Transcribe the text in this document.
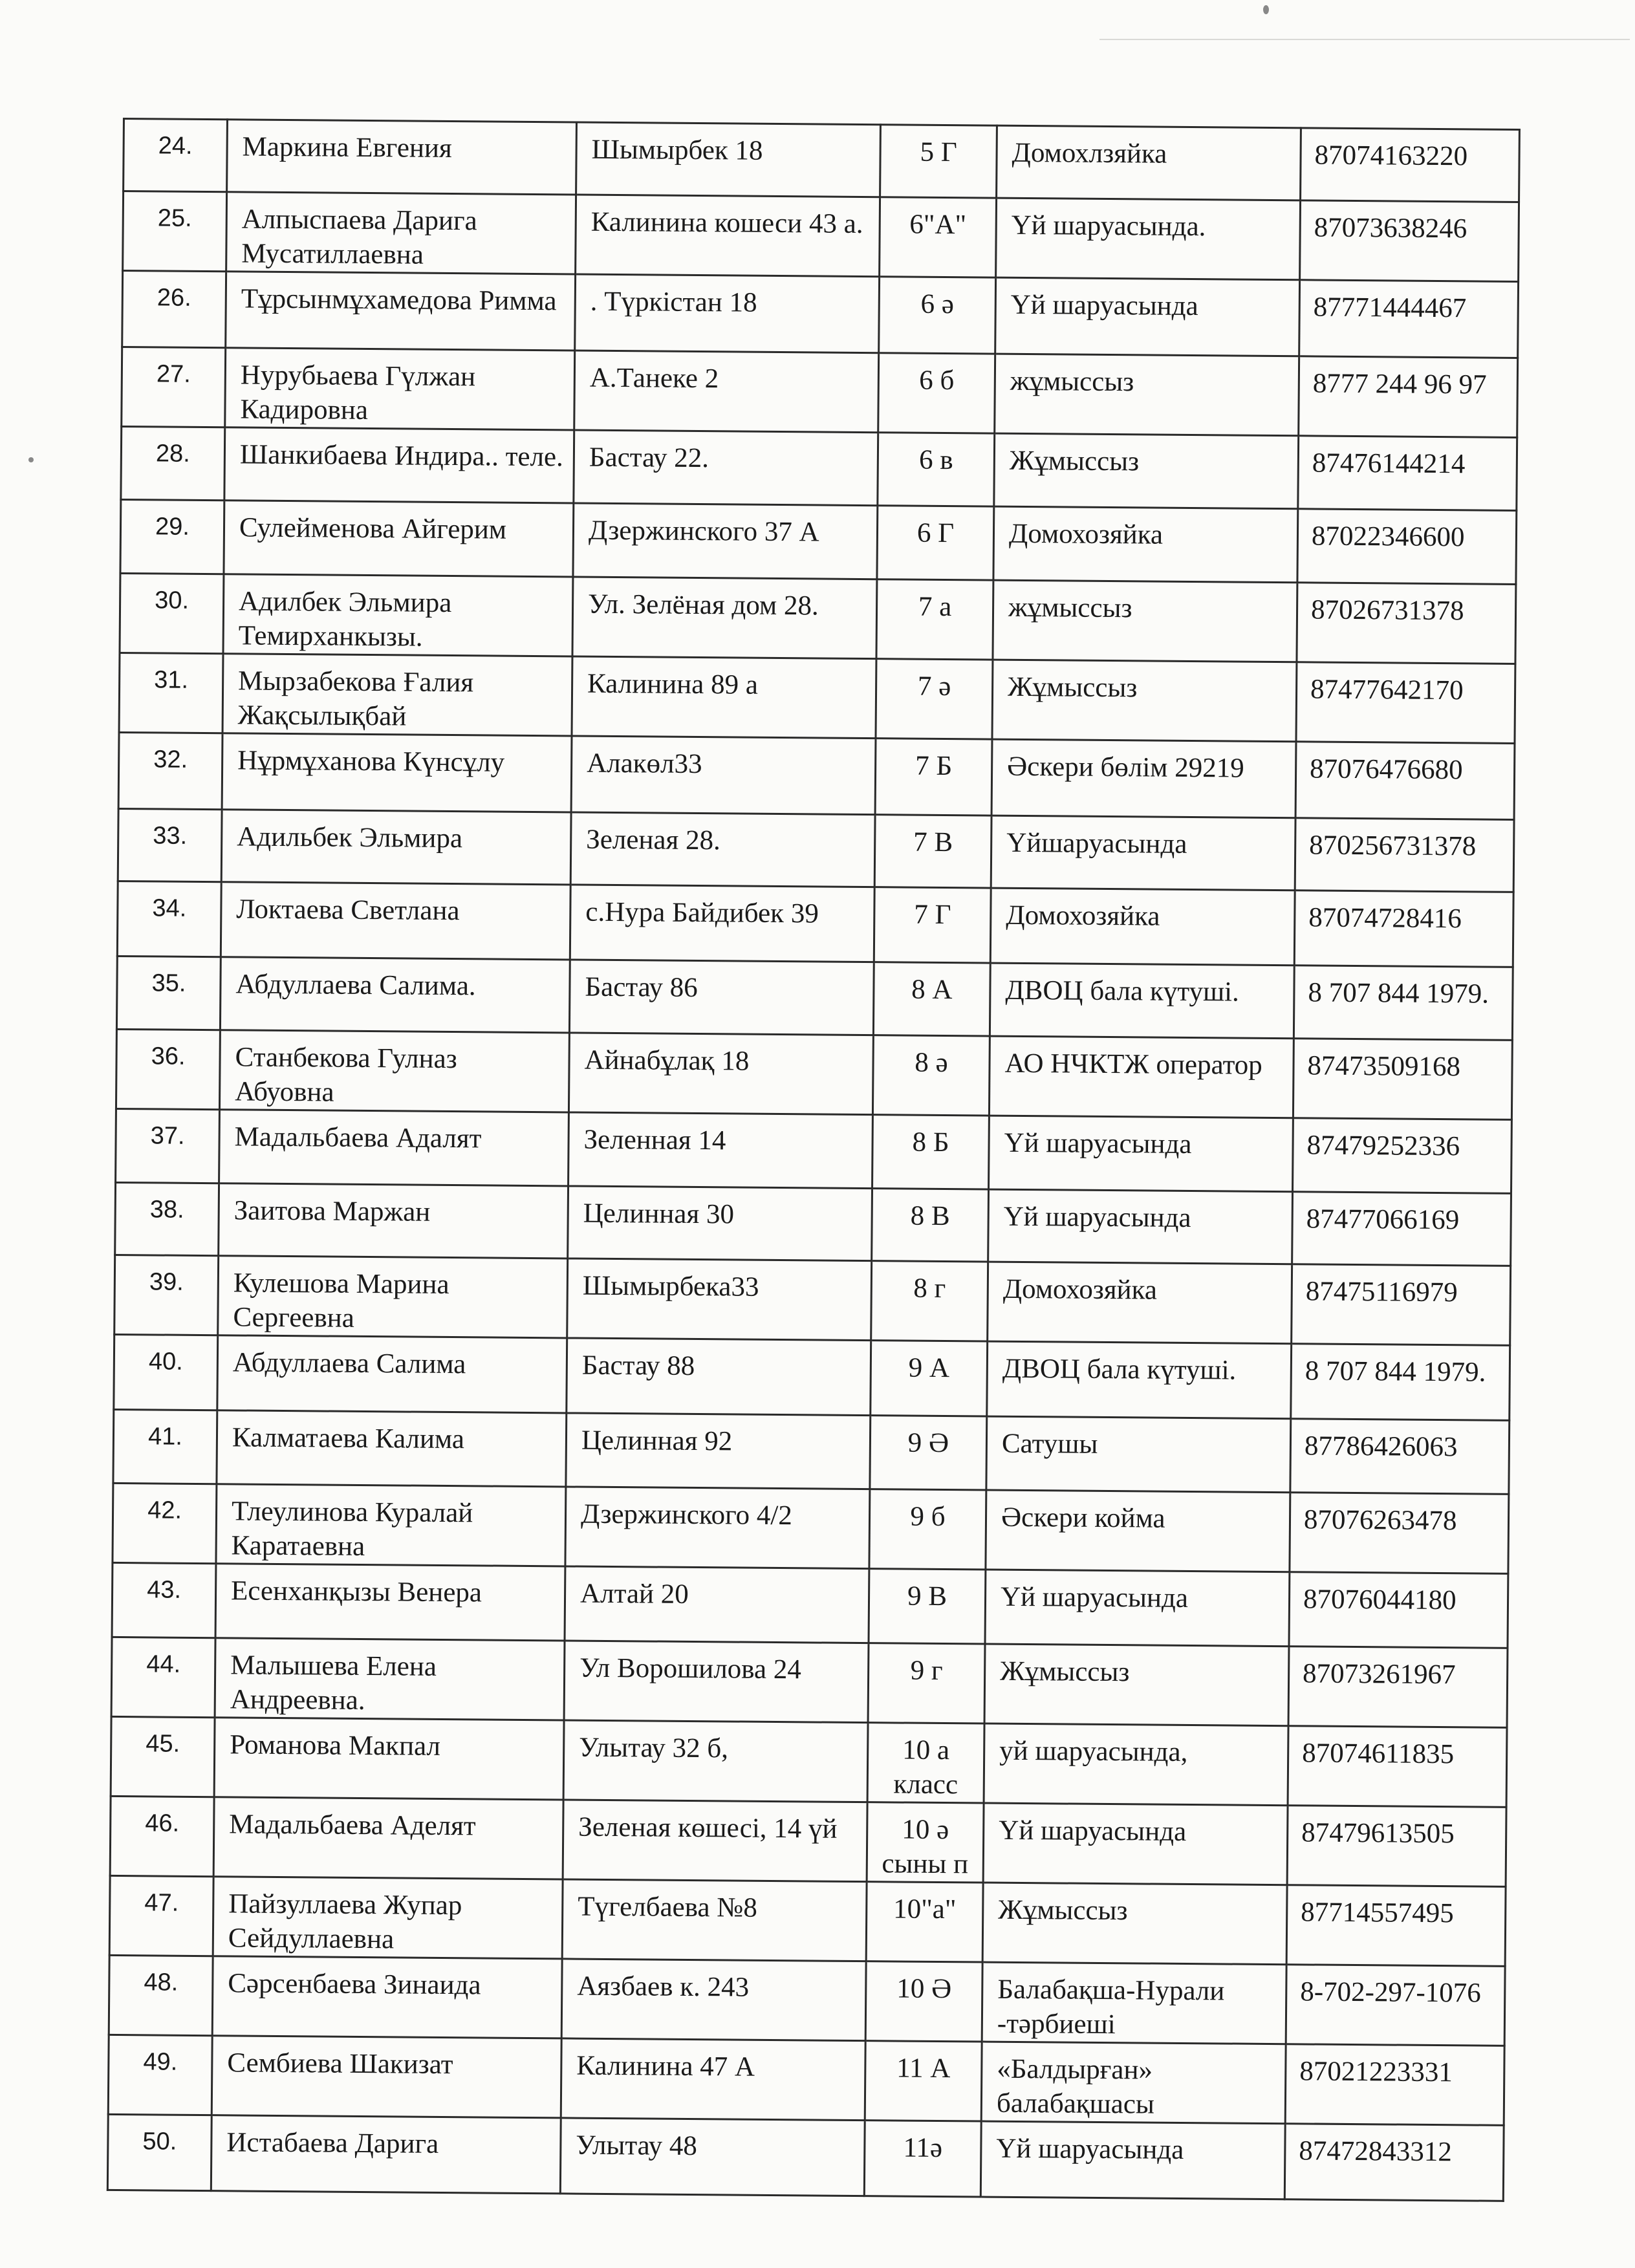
24.	Маркина Евгения	Шымырбек 18	5 Г	Домохлзяйка	87074163220
25.	Алпыспаева Дарига Мусатиллаевна	Калинина кошеси 43 а.	6"А"	Үй шаруасында.	87073638246
26.	Тұрсынмұхамедова Римма	. Түркістан 18	6 ә	Үй шаруасында	87771444467
27.	Нурубьаева Гүлжан Кадировна	А.Танеке 2	6 б	жұмыссыз	8777 244 96 97
28.	Шанкибаева Индира.. теле.	Бастау 22.	6 в	Жұмыссыз	87476144214
29.	Сулейменова Айгерим	Дзержинского 37 А	6 Г	Домохозяйка	87022346600
30.	Адилбек Эльмира Темирханкызы.	Ул. Зелёная дом 28.	7 а	жұмыссыз	87026731378
31.	Мырзабекова Ғалия Жақсылықбай	Калинина 89 а	7 ә	Жұмыссыз	87477642170
32.	Нұрмұханова Күнсұлу	Алакөл33	7 Б	Әскери бөлім 29219	87076476680
33.	Адильбек Эльмира	Зеленая 28.	7 В	Үйшаруасында	870256731378
34.	Локтаева Светлана	с.Нура Байдибек 39	7 Г	Домохозяйка	87074728416
35.	Абдуллаева Салима.	Бастау 86	8 А	ДВОЦ бала күтуші.	8 707 844 1979.
36.	Станбекова Гулназ Абуовна	Айнабұлақ 18	8 ә	АО НЧКТЖ оператор	87473509168
37.	Мадальбаева Адалят	Зеленная 14	8 Б	Үй шаруасында	87479252336
38.	Заитова Маржан	Целинная 30	8 В	Үй шаруасында	87477066169
39.	Кулешова Марина Сергеевна	Шымырбека33	8 г	Домохозяйка	87475116979
40.	Абдуллаева Салима	Бастау 88	9 А	ДВОЦ бала күтуші.	8 707 844 1979.
41.	Калматаева Калима	Целинная 92	9 Ә	Сатушы	87786426063
42.	Тлеулинова Куралай Каратаевна	Дзержинского 4/2	9 б	Әскери койма	87076263478
43.	Есенханқызы Венера	Алтай 20	9 В	Үй шаруасында	87076044180
44.	Малышева Елена Андреевна.	Ул Ворошилова 24	9 г	Жұмыссыз	87073261967
45.	Романова Макпал	Улытау 32 б,	10 а класс	уй шаруасында,	87074611835
46.	Мадальбаева Аделят	Зеленая көшесі, 14 үй	10 ә сыны п	Үй шаруасында	87479613505
47.	Пайзуллаева Жупар Сейдуллаевна	Түгелбаева №8	10"а"	Жұмыссыз	87714557495
48.	Сәрсенбаева Зинаида	Аязбаев к. 243	10 Ә	Балабақша-Нурали -тәрбиеші	8-702-297-1076
49.	Сембиева Шакизат	Калинина 47 А	11 А	«Балдырған» балабақшасы	87021223331
50.	Истабаева Дарига	Улытау 48	11ә	Үй шаруасында	87472843312
